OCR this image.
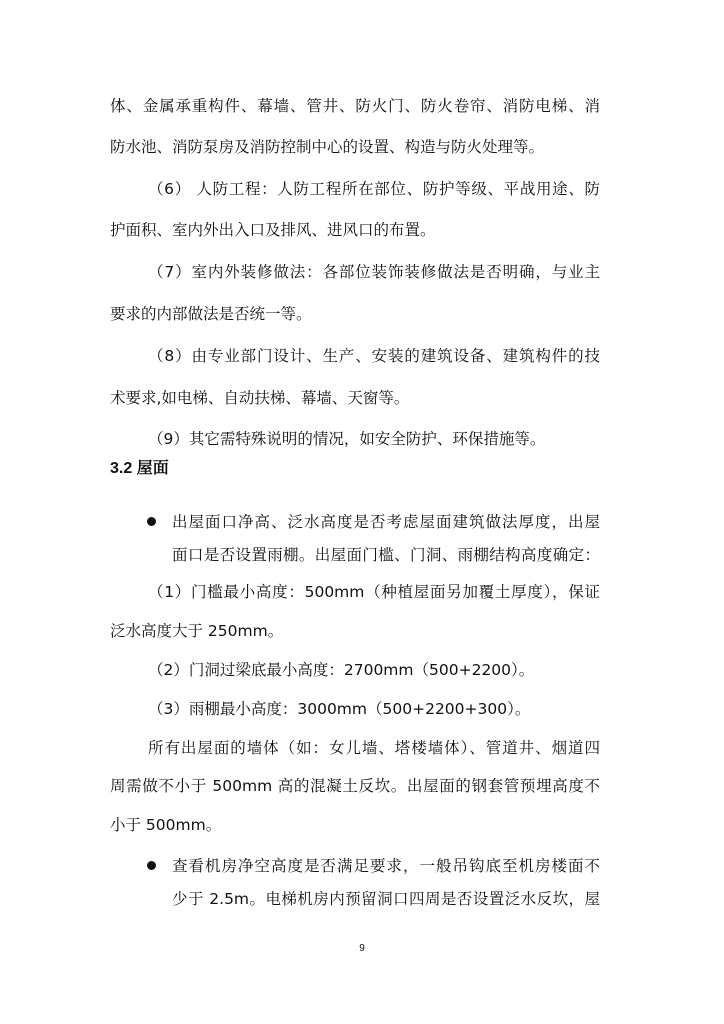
体、金属承重构件、幕墙、管井、防火门、防火卷帘、消防电梯、消
防水池、消防泵房及消防控制中心的设置、构造与防火处理等。
（6） 人防工程：人防工程所在部位、防护等级、平战用途、防
护面积、室内外出入口及排风、进风口的布置。
（7）室内外装修做法：各部位装饰装修做法是否明确，与业主
要求的内部做法是否统一等。
（8）由专业部门设计、生产、安装的建筑设备、建筑构件的技
术要求,如电梯、自动扶梯、幕墙、天窗等。
（9）其它需特殊说明的情况，如安全防护、环保措施等。
3.2 屋面
出屋面口净高、泛水高度是否考虑屋面建筑做法厚度，出屋
面口是否设置雨棚。出屋面门槛、门洞、雨棚结构高度确定：
（1）门槛最小高度：500mm（种植屋面另加覆土厚度），保证
泛水高度大于 250mm。
（2）门洞过梁底最小高度：2700mm（500+2200）。
（3）雨棚最小高度：3000mm（500+2200+300）。
所有出屋面的墙体（如：女儿墙、塔楼墙体）、管道井、烟道四
周需做不小于 500mm 高的混凝土反坎。出屋面的钢套管预埋高度不
小于 500mm。
查看机房净空高度是否满足要求，一般吊钩底至机房楼面不
少于 2.5m。电梯机房内预留洞口四周是否设置泛水反坎，屋
9
